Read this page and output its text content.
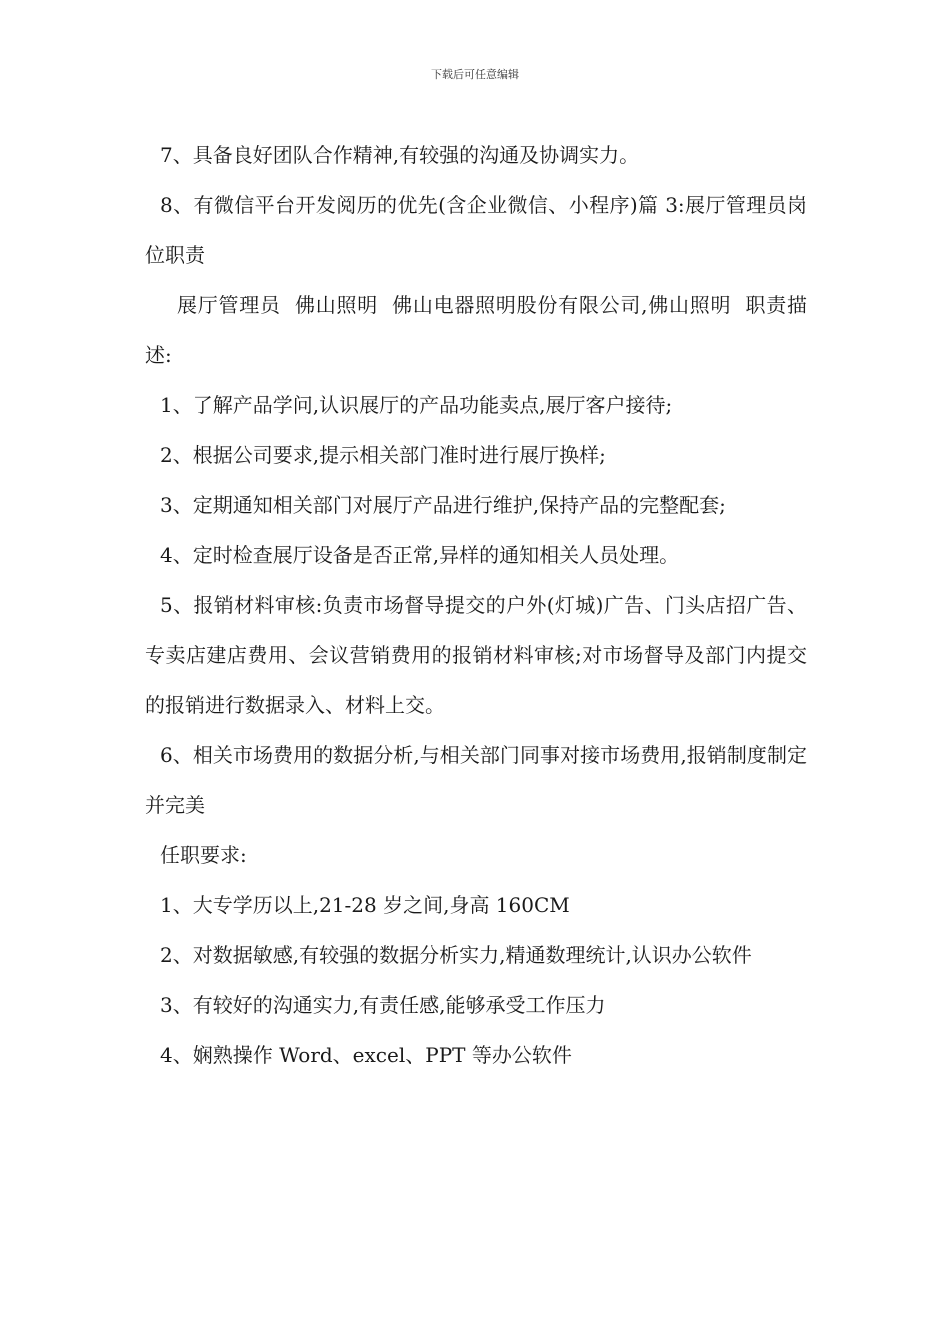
下载后可任意编辑

7、具备良好团队合作精神,有较强的沟通及协调实力。

8、有微信平台开发阅历的优先(含企业微信、小程序)篇 3:展厅管理员岗位职责

展厅管理员  佛山照明  佛山电器照明股份有限公司,佛山照明  职责描述:

1、了解产品学问,认识展厅的产品功能卖点,展厅客户接待;

2、根据公司要求,提示相关部门准时进行展厅换样;

3、定期通知相关部门对展厅产品进行维护,保持产品的完整配套;

4、定时检查展厅设备是否正常,异样的通知相关人员处理。

5、报销材料审核:负责市场督导提交的户外(灯城)广告、门头店招广告、专卖店建店费用、会议营销费用的报销材料审核;对市场督导及部门内提交的报销进行数据录入、材料上交。

6、相关市场费用的数据分析,与相关部门同事对接市场费用,报销制度制定并完美

任职要求:

1、大专学历以上,21-28 岁之间,身高 160CM

2、对数据敏感,有较强的数据分析实力,精通数理统计,认识办公软件

3、有较好的沟通实力,有责任感,能够承受工作压力

4、娴熟操作 Word、excel、PPT 等办公软件
